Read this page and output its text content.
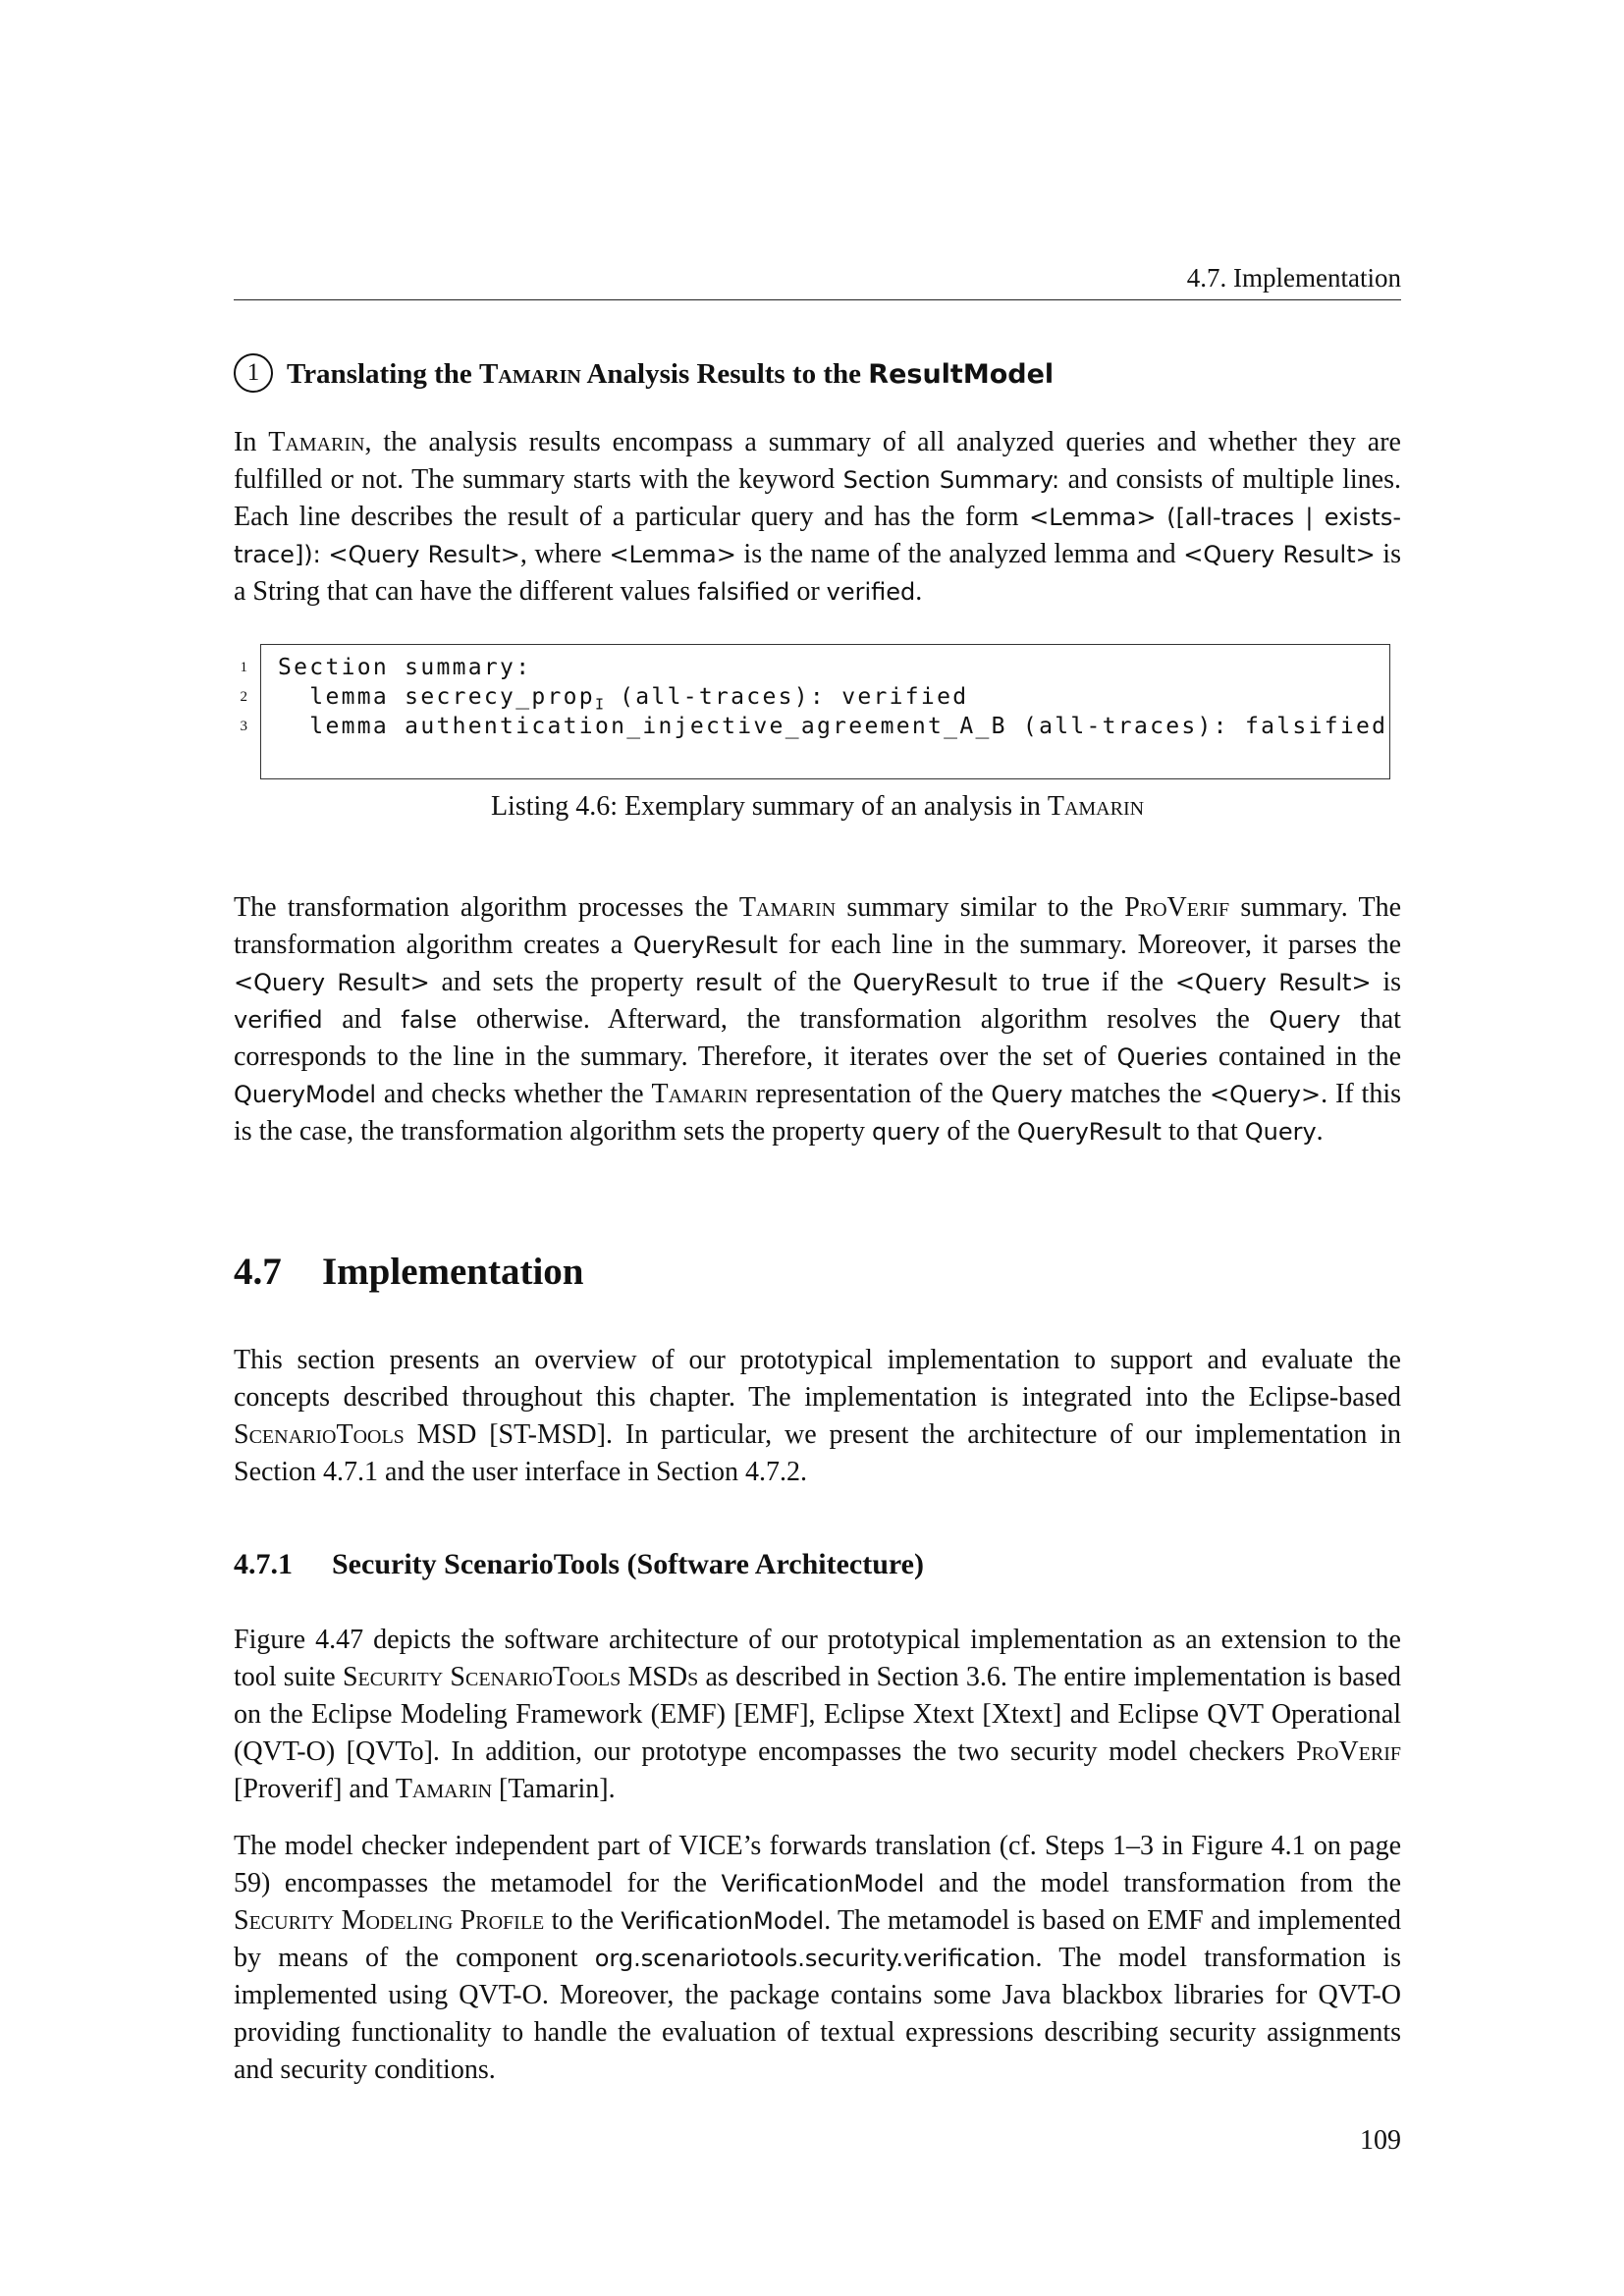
4.7. Implementation
1 Translating the Tamarin Analysis Results to the ResultModel

In Tamarin, the analysis results encompass a summary of all analyzed queries and whether they are fulfilled or not. The summary starts with the keyword Section Summary: and consists of multiple lines. Each line describes the result of a particular query and has the form <Lemma> ([all-traces | exists-trace]): <Query Result>, where <Lemma> is the name of the analyzed lemma and <Query Result> is a String that can have the different values falsified or verified.

1
2
3
Section summary:
lemma secrecy_prop$_I$ (all-traces): verified
lemma authentication_injective_agreement_A_B (all-traces): falsified
Listing 4.6: Exemplary summary of an analysis in Tamarin

The transformation algorithm processes the Tamarin summary similar to the ProVerif summary. The transformation algorithm creates a QueryResult for each line in the summary. Moreover, it parses the <Query Result> and sets the property result of the QueryResult to true if the <Query Result> is verified and false otherwise. Afterward, the transformation algorithm resolves the Query that corresponds to the line in the summary. Therefore, it iterates over the set of Queries contained in the QueryModel and checks whether the Tamarin representation of the Query matches the <Query>. If this is the case, the transformation algorithm sets the property query of the QueryResult to that Query.

4.7 Implementation

This section presents an overview of our prototypical implementation to support and evaluate the concepts described throughout this chapter. The implementation is integrated into the Eclipse-based ScenarioTools MSD [ST-MSD]. In particular, we present the architecture of our implementation in Section 4.7.1 and the user interface in Section 4.7.2.

4.7.1 Security ScenarioTools (Software Architecture)

Figure 4.47 depicts the software architecture of our prototypical implementation as an extension to the tool suite Security ScenarioTools MSDs as described in Section 3.6. The entire implementation is based on the Eclipse Modeling Framework (EMF) [EMF], Eclipse Xtext [Xtext] and Eclipse QVT Operational (QVT-O) [QVTo]. In addition, our prototype encompasses the two security model checkers ProVerif [Proverif] and Tamarin [Tamarin].

The model checker independent part of VICE’s forwards translation (cf. Steps 1–3 in Figure 4.1 on page 59) encompasses the metamodel for the VerificationModel and the model transformation from the Security Modeling Profile to the VerificationModel. The metamodel is based on EMF and implemented by means of the component org.scenariotools.security.verification. The model transformation is implemented using QVT-O. Moreover, the package contains some Java blackbox libraries for QVT-O providing functionality to handle the evaluation of textual expressions describing security assignments and security conditions.

109
